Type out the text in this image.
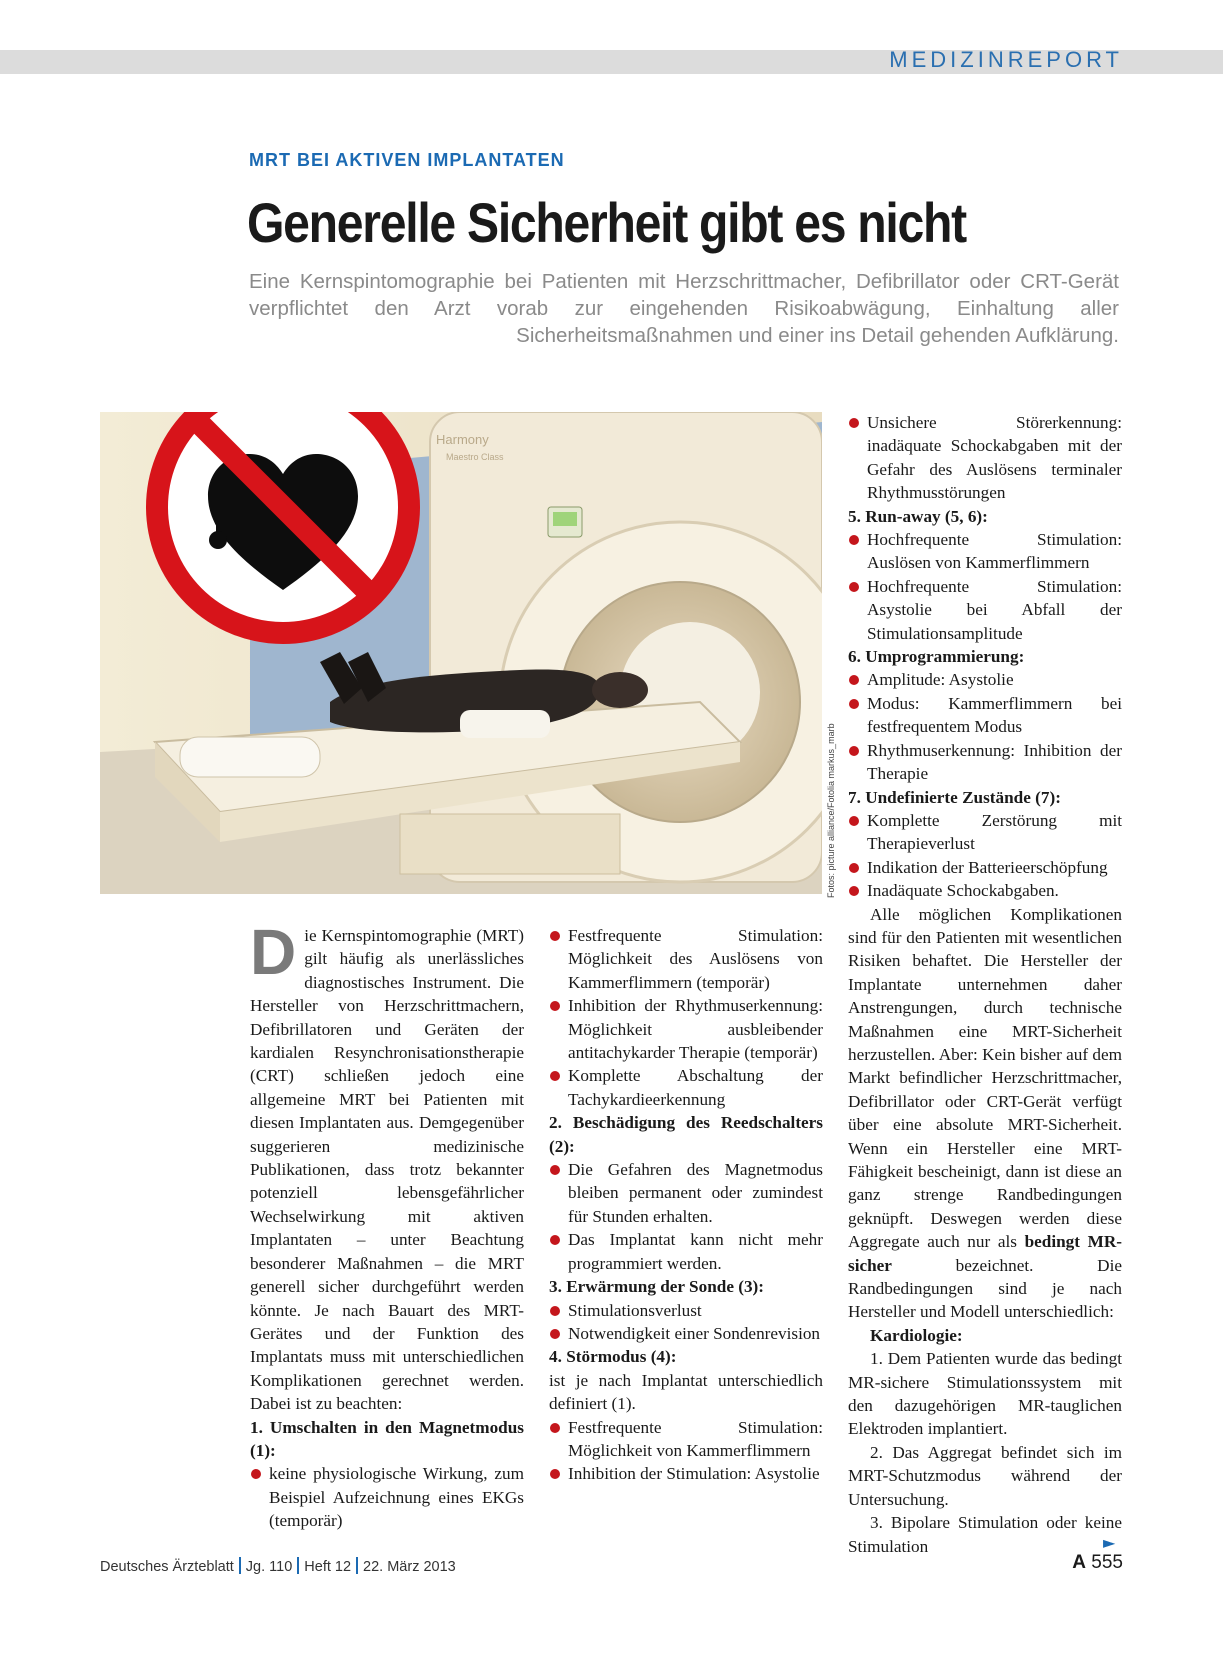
MEDIZINREPORT
MRT BEI AKTIVEN IMPLANTATEN
Generelle Sicherheit gibt es nicht
Eine Kernspintomographie bei Patienten mit Herzschrittmacher, Defibrillator oder CRT-Gerät verpflichtet den Arzt vorab zur eingehenden Risikoabwägung, Einhaltung aller Sicherheitsmaßnahmen und einer ins Detail gehenden Aufklärung.
Harmony
Maestro Class
Fotos: picture alliance/Fotolia markus_marb

Die Kernspintomographie (MRT) gilt häufig als unerlässliches diagnostisches Instrument. Die Hersteller von Herzschrittmachern, Defibrillatoren und Geräten der kardialen Resynchronisationstherapie (CRT) schließen jedoch eine allgemeine MRT bei Patienten mit diesen Implantaten aus. Demgegenüber suggerieren medizinische Publikationen, dass trotz bekannter potenziell lebensgefährlicher Wechselwirkung mit aktiven Implantaten – unter Beachtung besonderer Maßnahmen – die MRT generell sicher durchgeführt werden könnte. Je nach Bauart des MRT-Gerätes und der Funktion des Implantats muss mit unterschiedlichen Komplikationen gerechnet werden. Dabei ist zu beachten:

1. Umschalten in den Magnetmodus (1):

keine physiologische Wirkung, zum Beispiel Aufzeichnung eines EKGs (temporär)

Festfrequente Stimulation: Möglichkeit des Auslösens von Kammerflimmern (temporär)

Inhibition der Rhythmuserkennung: Möglichkeit ausbleibender antitachykarder Therapie (temporär)

Komplette Abschaltung der Tachykardieerkennung

2. Beschädigung des Reedschalters (2):

Die Gefahren des Magnetmodus bleiben permanent oder zumindest für Stunden erhalten.

Das Implantat kann nicht mehr programmiert werden.

3. Erwärmung der Sonde (3):

Stimulationsverlust

Notwendigkeit einer Sondenrevision

4. Störmodus (4):

ist je nach Implantat unterschiedlich definiert (1).

Festfrequente Stimulation: Möglichkeit von Kammerflimmern

Inhibition der Stimulation: Asystolie

Unsichere Störerkennung: inadäquate Schockabgaben mit der Gefahr des Auslösens terminaler Rhythmusstörungen

5. Run-away (5, 6):

Hochfrequente Stimulation: Auslösen von Kammerflimmern

Hochfrequente Stimulation: Asystolie bei Abfall der Stimulationsamplitude

6. Umprogrammierung:

Amplitude: Asystolie

Modus: Kammerflimmern bei festfrequentem Modus

Rhythmuserkennung: Inhibition der Therapie

7. Undefinierte Zustände (7):

Komplette Zerstörung mit Therapieverlust

Indikation der Batterieerschöpfung

Inadäquate Schockabgaben.

Alle möglichen Komplikationen sind für den Patienten mit wesentlichen Risiken behaftet. Die Hersteller der Implantate unternehmen daher Anstrengungen, durch technische Maßnahmen eine MRT-Sicherheit herzustellen. Aber: Kein bisher auf dem Markt befindlicher Herzschrittmacher, Defibrillator oder CRT-Gerät verfügt über eine absolute MRT-Sicherheit. Wenn ein Hersteller eine MRT-Fähigkeit bescheinigt, dann ist diese an ganz strenge Randbedingungen geknüpft. Deswegen werden diese Aggregate auch nur als bedingt MR-sicher bezeichnet. Die Randbedingungen sind je nach Hersteller und Modell unterschiedlich:

Kardiologie:

1. Dem Patienten wurde das bedingt MR-sichere Stimulationssystem mit den dazugehörigen MR-tauglichen Elektroden implantiert.

2. Das Aggregat befindet sich im MRT-Schutzmodus während der Untersuchung.

3. Bipolare Stimulation oder keine Stimulation	►
Deutsches Ärzteblatt Jg. 110 Heft 12 22. März 2013	A 555
